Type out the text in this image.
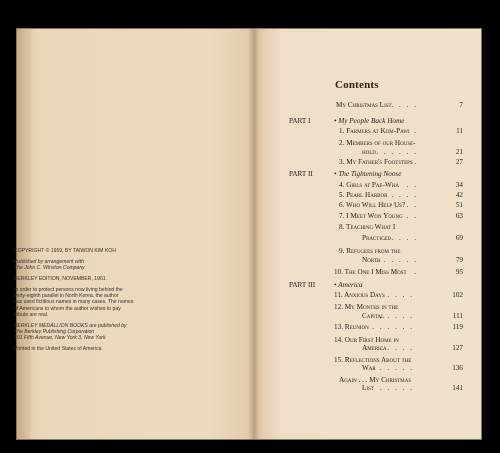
COPYRIGHT © 1959, BY TAIWON KIM KOH

Published by arrangement with
The John C. Winston Company

BERKLEY EDITION, NOVEMBER, 1961

In order to protect persons now living behind the
thirty-eighth parallel in North Korea, the author
has used fictitious names in many cases. The names
of Americans to whom the author wishes to pay
tribute are real.

BERKLEY MEDALLION BOOKS are published by
The Berkley Publishing Corporation
101 Fifth Avenue, New York 3, New York

Printed in the United States of America

Contents
My Christmas List . . . .	7
PART I	• My People Back Home
1. Farmers at Kom-Pawi .	11
2. Members of our House-
hold . . . . . .	21
3. My Father's Footsteps .	27
PART II	• The Tightening Noose
4. Girls at Pae-Wha . .	34
5. Pearl Harbor . . . .	42
6. Who Will Help Us? . .	51
7. I Meet Won Young . .	63
8. Teaching What I
Practiced
. . . . .	69
9. Refugees from the
North
. . . . . .	79
10. The One I Miss Most .	95
PART III	• America
11. Anxious Days . . . .	102
12. My Months in the
Capital
. . . . .	111
13. Reunion . . . . . .	119
14. Our First Home in
America
. . . . .	127
15. Reflections About the
War
. . . . . .	136
Again . . . My Christmas
List . . . . .	141
